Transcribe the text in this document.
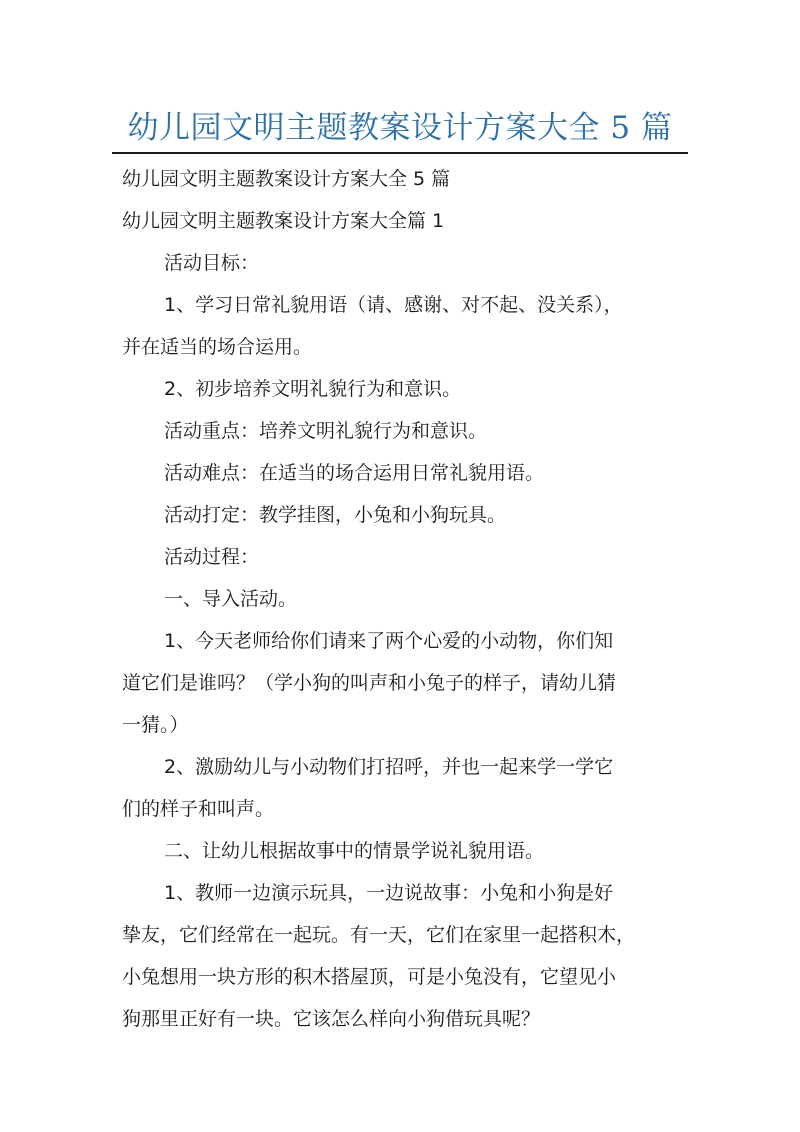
幼儿园文明主题教案设计方案大全 5 篇
幼儿园文明主题教案设计方案大全 5 篇
幼儿园文明主题教案设计方案大全篇 1
活动目标：
1、学习日常礼貌用语（请、感谢、对不起、没关系），
并在适当的场合运用。
2、初步培养文明礼貌行为和意识。
活动重点：培养文明礼貌行为和意识。
活动难点：在适当的场合运用日常礼貌用语。
活动打定：教学挂图，小兔和小狗玩具。
活动过程：
一、导入活动。
1、今天老师给你们请来了两个心爱的小动物，你们知
道它们是谁吗？（学小狗的叫声和小兔子的样子，请幼儿猜
一猜。）
2、激励幼儿与小动物们打招呼，并也一起来学一学它
们的样子和叫声。
二、让幼儿根据故事中的情景学说礼貌用语。
1、教师一边演示玩具，一边说故事：小兔和小狗是好
挚友，它们经常在一起玩。有一天，它们在家里一起搭积木，
小兔想用一块方形的积木搭屋顶，可是小兔没有，它望见小
狗那里正好有一块。它该怎么样向小狗借玩具呢？
